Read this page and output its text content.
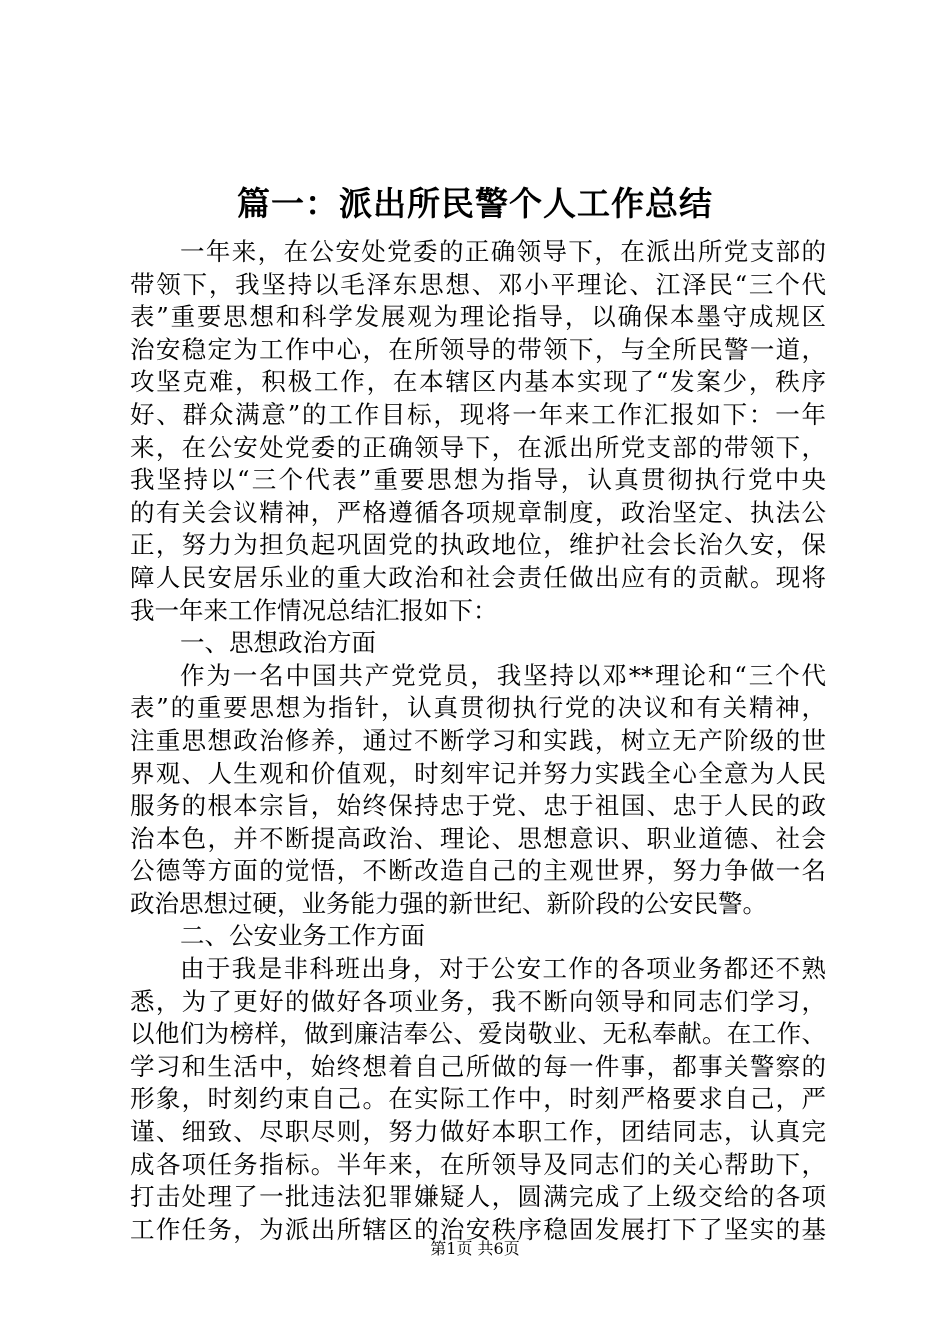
篇一：派出所民警个人工作总结
一年来，在公安处党委的正确领导下，在派出所党支部的
带领下，我坚持以毛泽东思想、邓小平理论、江泽民“三个代
表”重要思想和科学发展观为理论指导，以确保本墨守成规区
治安稳定为工作中心，在所领导的带领下，与全所民警一道，
攻坚克难，积极工作，在本辖区内基本实现了“发案少，秩序
好、群众满意”的工作目标，现将一年来工作汇报如下：一年
来，在公安处党委的正确领导下，在派出所党支部的带领下，
我坚持以“三个代表”重要思想为指导，认真贯彻执行党中央
的有关会议精神，严格遵循各项规章制度，政治坚定、执法公
正，努力为担负起巩固党的执政地位，维护社会长治久安，保
障人民安居乐业的重大政治和社会责任做出应有的贡献。现将
我一年来工作情况总结汇报如下：
一、思想政治方面
作为一名中国共产党党员，我坚持以邓**理论和“三个代
表”的重要思想为指针，认真贯彻执行党的决议和有关精神，
注重思想政治修养，通过不断学习和实践，树立无产阶级的世
界观、人生观和价值观，时刻牢记并努力实践全心全意为人民
服务的根本宗旨，始终保持忠于党、忠于祖国、忠于人民的政
治本色，并不断提高政治、理论、思想意识、职业道德、社会
公德等方面的觉悟，不断改造自己的主观世界，努力争做一名
政治思想过硬，业务能力强的新世纪、新阶段的公安民警。
二、公安业务工作方面
由于我是非科班出身，对于公安工作的各项业务都还不熟
悉，为了更好的做好各项业务，我不断向领导和同志们学习，
以他们为榜样，做到廉洁奉公、爱岗敬业、无私奉献。在工作、
学习和生活中，始终想着自己所做的每一件事，都事关警察的
形象，时刻约束自己。在实际工作中，时刻严格要求自己，严
谨、细致、尽职尽则，努力做好本职工作，团结同志，认真完
成各项任务指标。半年来，在所领导及同志们的关心帮助下，
打击处理了一批违法犯罪嫌疑人，圆满完成了上级交给的各项
工作任务，为派出所辖区的治安秩序稳固发展打下了坚实的基
第1页 共6页
